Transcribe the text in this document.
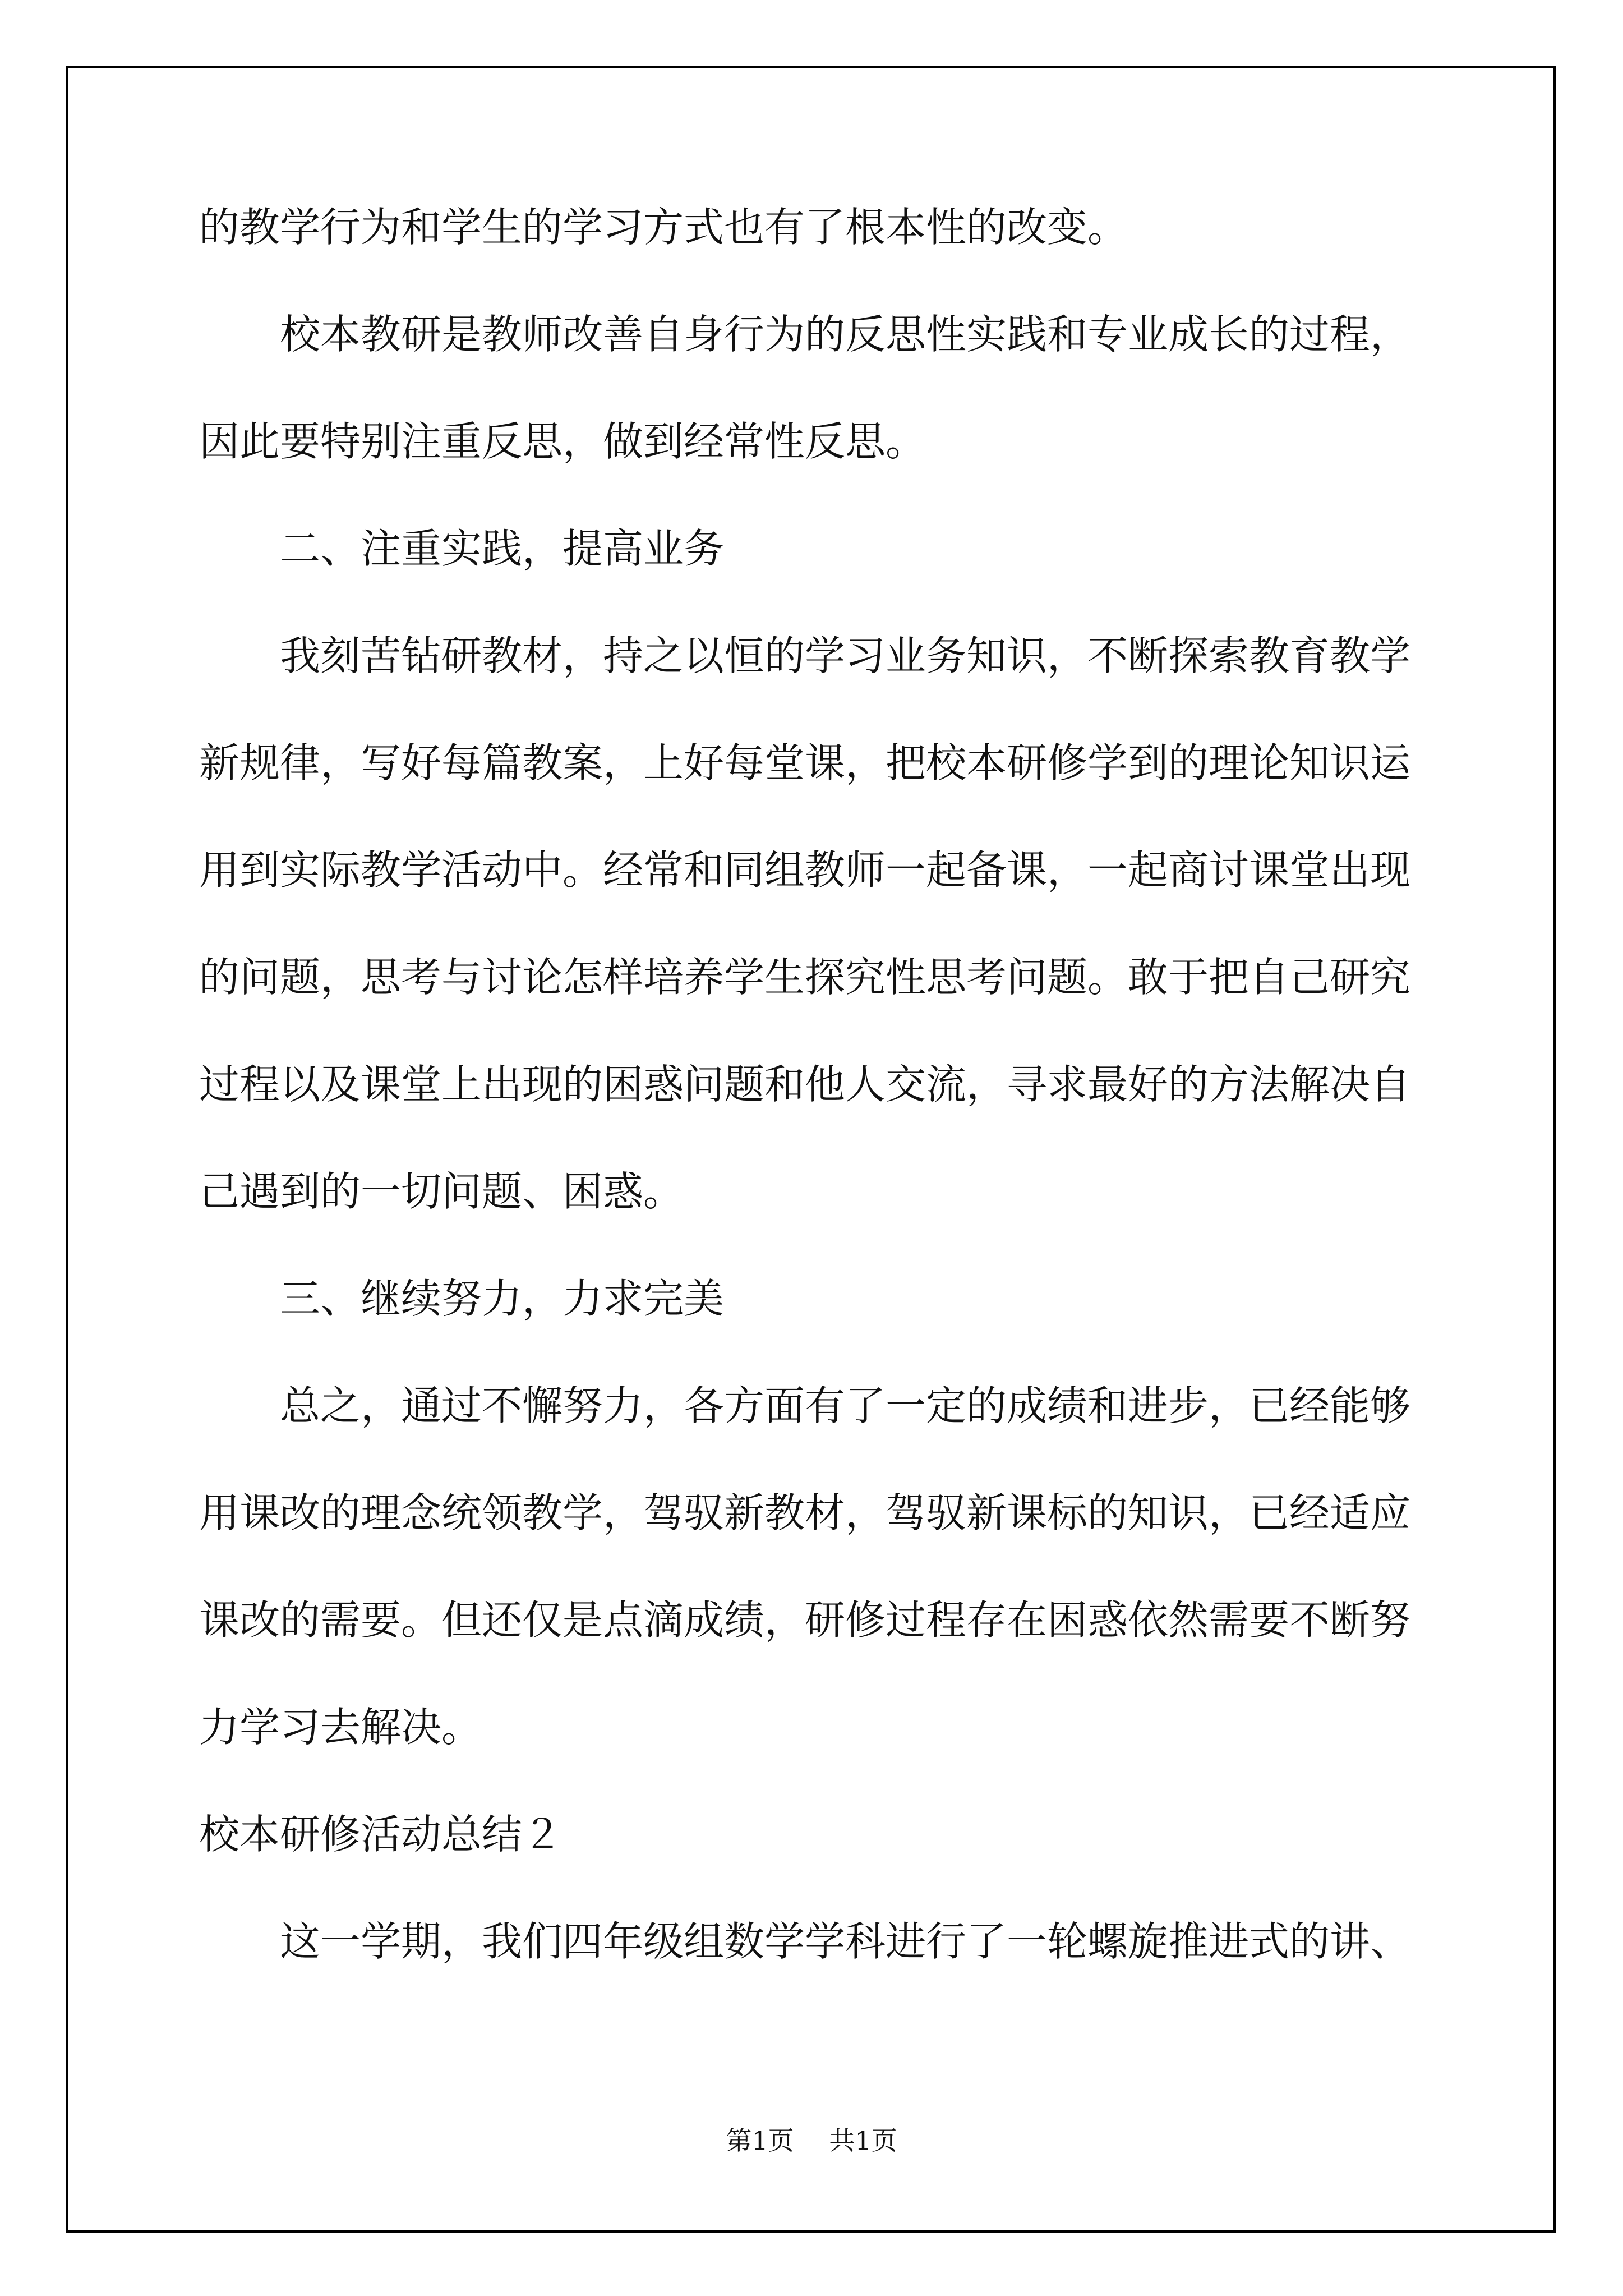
的教学行为和学生的学习方式也有了根本性的改变。
校本教研是教师改善自身行为的反思性实践和专业成长的过程，
因此要特别注重反思，做到经常性反思。
二、注重实践，提高业务
我刻苦钻研教材，持之以恒的学习业务知识，不断探索教育教学
新规律，写好每篇教案，上好每堂课，把校本研修学到的理论知识运
用到实际教学活动中。经常和同组教师一起备课，一起商讨课堂出现
的问题，思考与讨论怎样培养学生探究性思考问题。敢于把自己研究
过程以及课堂上出现的困惑问题和他人交流，寻求最好的方法解决自
己遇到的一切问题、困惑。
三、继续努力，力求完美
总之，通过不懈努力，各方面有了一定的成绩和进步，已经能够
用课改的理念统领教学，驾驭新教材，驾驭新课标的知识，已经适应
课改的需要。但还仅是点滴成绩，研修过程存在困惑依然需要不断努
力学习去解决。
校本研修活动总结２
这一学期，我们四年级组数学学科进行了一轮螺旋推进式的讲、
第1页 共1页
